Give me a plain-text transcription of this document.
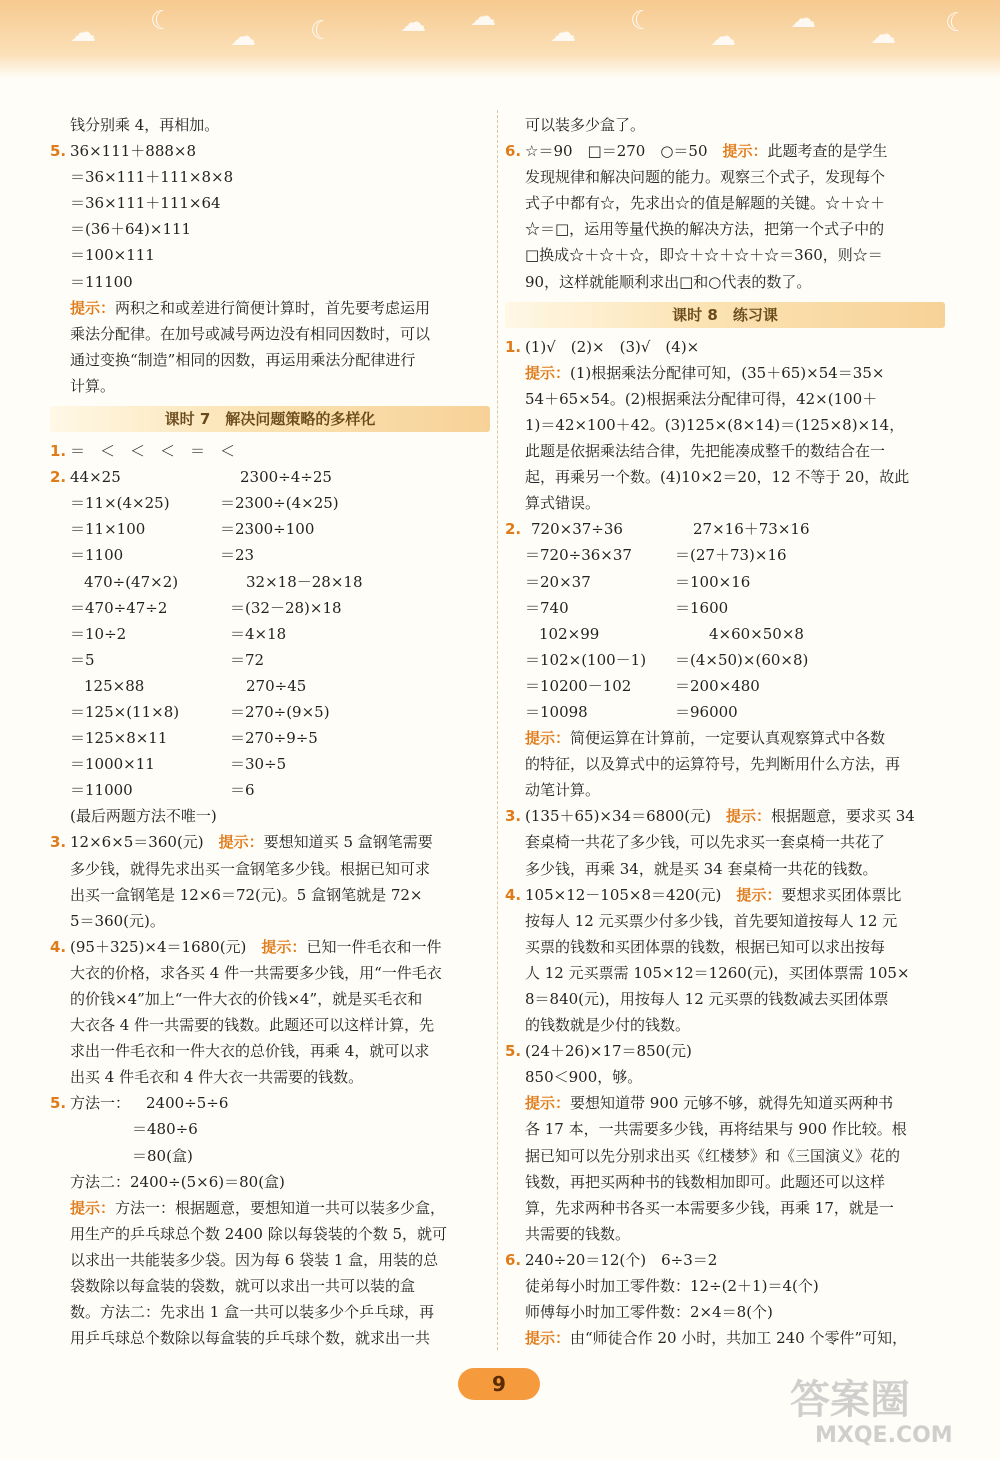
☁ ☾
☁ ☾	☁ ☁
☁ ☾
☁
☁
☁ ☾
钱分别乘 4，再相加。
5. 36×111＋888×8
＝36×111＋111×8×8
＝36×111＋111×64
＝(36＋64)×111
＝100×111
＝11100
提示：两积之和或差进行简便计算时，首先要考虑运用
乘法分配律。在加号或减号两边没有相同因数时，可以
通过变换“制造”相同的因数，再运用乘法分配律进行
计算。
课时 7　解决问题策略的多样化
1. ＝　＜　＜　＜　＝　＜
2. 44×25	2300÷4÷25
＝11×(4×25)	＝2300÷(4×25)
＝11×100	＝2300÷100
＝1100	＝23
470÷(47×2)	32×18－28×18
＝470÷47÷2	＝(32－28)×18
＝10÷2	＝4×18
＝5	＝72
125×88	270÷45
＝125×(11×8)	＝270÷(9×5)
＝125×8×11	＝270÷9÷5
＝1000×11	＝30÷5
＝11000	＝6
(最后两题方法不唯一)
3. 12×6×5＝360(元)　提示：要想知道买 5 盒钢笔需要
多少钱，就得先求出买一盒钢笔多少钱。根据已知可求
出买一盒钢笔是 12×6＝72(元)。5 盒钢笔就是 72×
5＝360(元)。
4. (95＋325)×4＝1680(元)　提示：已知一件毛衣和一件
大衣的价格，求各买 4 件一共需要多少钱，用“一件毛衣
的价钱×4”加上“一件大衣的价钱×4”，就是买毛衣和
大衣各 4 件一共需要的钱数。此题还可以这样计算，先
求出一件毛衣和一件大衣的总价钱，再乘 4，就可以求
出买 4 件毛衣和 4 件大衣一共需要的钱数。
5. 方法一： 2400÷5÷6
＝480÷6
＝80(盒)
方法二：2400÷(5×6)＝80(盒)
提示：方法一：根据题意，要想知道一共可以装多少盒，
用生产的乒乓球总个数 2400 除以每袋装的个数 5，就可
以求出一共能装多少袋。因为每 6 袋装 1 盒，用装的总
袋数除以每盒装的袋数，就可以求出一共可以装的盒
数。方法二：先求出 1 盒一共可以装多少个乒乓球，再
用乒乓球总个数除以每盒装的乒乓球个数，就求出一共
可以装多少盒了。
6. ☆＝90　□＝270　○＝50　提示：此题考查的是学生
发现规律和解决问题的能力。观察三个式子，发现每个
式子中都有☆，先求出☆的值是解题的关键。☆＋☆＋
☆＝□，运用等量代换的解决方法，把第一个式子中的
□换成☆＋☆＋☆，即☆＋☆＋☆＋☆＝360，则☆＝
90，这样就能顺利求出□和○代表的数了。
课时 8　练习课
1. (1)√　(2)×　(3)√　(4)×
提示：(1)根据乘法分配律可知，(35＋65)×54＝35×
54＋65×54。(2)根据乘法分配律可得，42×(100＋
1)＝42×100＋42。(3)125×(8×14)＝(125×8)×14，
此题是依据乘法结合律，先把能凑成整千的数结合在一
起，再乘另一个数。(4)10×2＝20，12 不等于 20，故此
算式错误。
2. 720×37÷36	27×16＋73×16
＝720÷36×37	＝(27＋73)×16
＝20×37	＝100×16
＝740	＝1600
102×99	4×60×50×8
＝102×(100－1) ＝(4×50)×(60×8)
＝10200－102	＝200×480
＝10098	＝96000
提示：简便运算在计算前，一定要认真观察算式中各数
的特征，以及算式中的运算符号，先判断用什么方法，再
动笔计算。
3. (135＋65)×34＝6800(元)　提示：根据题意，要求买 34
套桌椅一共花了多少钱，可以先求买一套桌椅一共花了
多少钱，再乘 34，就是买 34 套桌椅一共花的钱数。
4. 105×12－105×8＝420(元)　提示：要想求买团体票比
按每人 12 元买票少付多少钱，首先要知道按每人 12 元
买票的钱数和买团体票的钱数，根据已知可以求出按每
人 12 元买票需 105×12＝1260(元)，买团体票需 105×
8＝840(元)，用按每人 12 元买票的钱数减去买团体票
的钱数就是少付的钱数。
5. (24＋26)×17＝850(元)
850＜900，够。
提示：要想知道带 900 元够不够，就得先知道买两种书
各 17 本，一共需要多少钱，再将结果与 900 作比较。根
据已知可以先分别求出买《红楼梦》和《三国演义》花的
钱数，再把买两种书的钱数相加即可。此题还可以这样
算，先求两种书各买一本需要多少钱，再乘 17，就是一
共需要的钱数。
6. 240÷20＝12(个)　6÷3＝2
徒弟每小时加工零件数：12÷(2＋1)＝4(个)
师傅每小时加工零件数：2×4＝8(个)
提示：由“师徒合作 20 小时，共加工 240 个零件”可知，
9	答案圈
MXQE.COM
